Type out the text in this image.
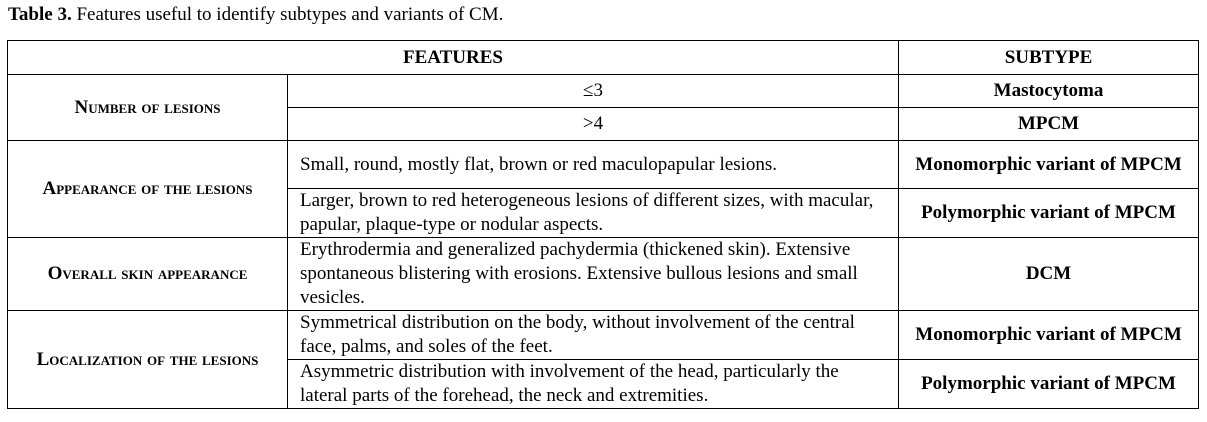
Table 3. Features useful to identify subtypes and variants of CM.
FEATURES		SUBTYPE
Number of lesions	≤3	Mastocytoma
	>4	MPCM
Appearance of the lesions	Small, round, mostly flat, brown or red maculopapular lesions.	Monomorphic variant of MPCM
	Larger, brown to red heterogeneous lesions of different sizes, with macular, papular, plaque-type or nodular aspects.	Polymorphic variant of MPCM
Overall skin appearance	Erythrodermia and generalized pachydermia (thickened skin). Extensive spontaneous blistering with erosions. Extensive bullous lesions and small vesicles.	DCM
Localization of the lesions	Symmetrical distribution on the body, without involvement of the central face, palms, and soles of the feet.	Monomorphic variant of MPCM
	Asymmetric distribution with involvement of the head, particularly the lateral parts of the forehead, the neck and extremities.	Polymorphic variant of MPCM
